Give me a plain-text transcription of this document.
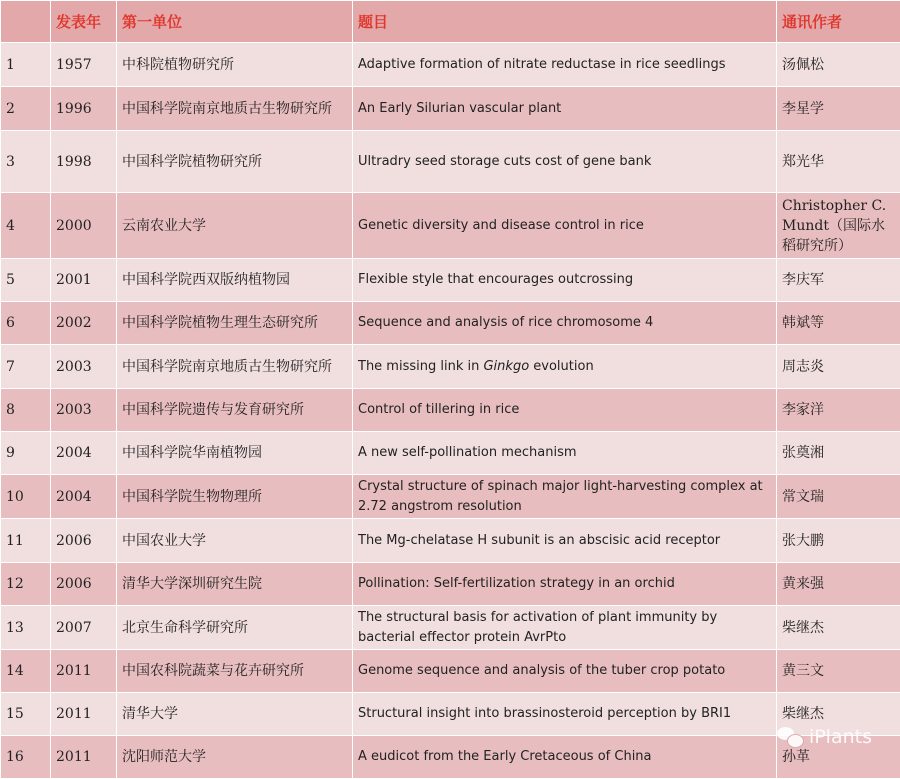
	发表年	第一单位	题目	通讯作者
1	1957	中科院植物研究所	Adaptive formation of nitrate reductase in rice seedlings	汤佩松
2	1996	中国科学院南京地质古生物研究所	An Early Silurian vascular plant	李星学
3	1998	中国科学院植物研究所	Ultradry seed storage cuts cost of gene bank	郑光华
4	2000	云南农业大学	Genetic diversity and disease control in rice	Christopher C. Mundt（国际水稻研究所）
5	2001	中国科学院西双版纳植物园	Flexible style that encourages outcrossing	李庆军
6	2002	中国科学院植物生理生态研究所	Sequence and analysis of rice chromosome 4	韩斌等
7	2003	中国科学院南京地质古生物研究所	The missing link in Ginkgo evolution	周志炎
8	2003	中国科学院遗传与发育研究所	Control of tillering in rice	李家洋
9	2004	中国科学院华南植物园	A new self-pollination mechanism	张奠湘
10	2004	中国科学院生物物理所	Crystal structure of spinach major light-harvesting complex at 2.72 angstrom resolution	常文瑞
11	2006	中国农业大学	The Mg-chelatase H subunit is an abscisic acid receptor	张大鹏
12	2006	清华大学深圳研究生院	Pollination: Self-fertilization strategy in an orchid	黄来强
13	2007	北京生命科学研究所	The structural basis for activation of plant immunity by bacterial effector protein AvrPto	柴继杰
14	2011	中国农科院蔬菜与花卉研究所	Genome sequence and analysis of the tuber crop potato	黄三文
15	2011	清华大学	Structural insight into brassinosteroid perception by BRI1	柴继杰
16	2011	沈阳师范大学	A eudicot from the Early Cretaceous of China	孙革
iPlants
